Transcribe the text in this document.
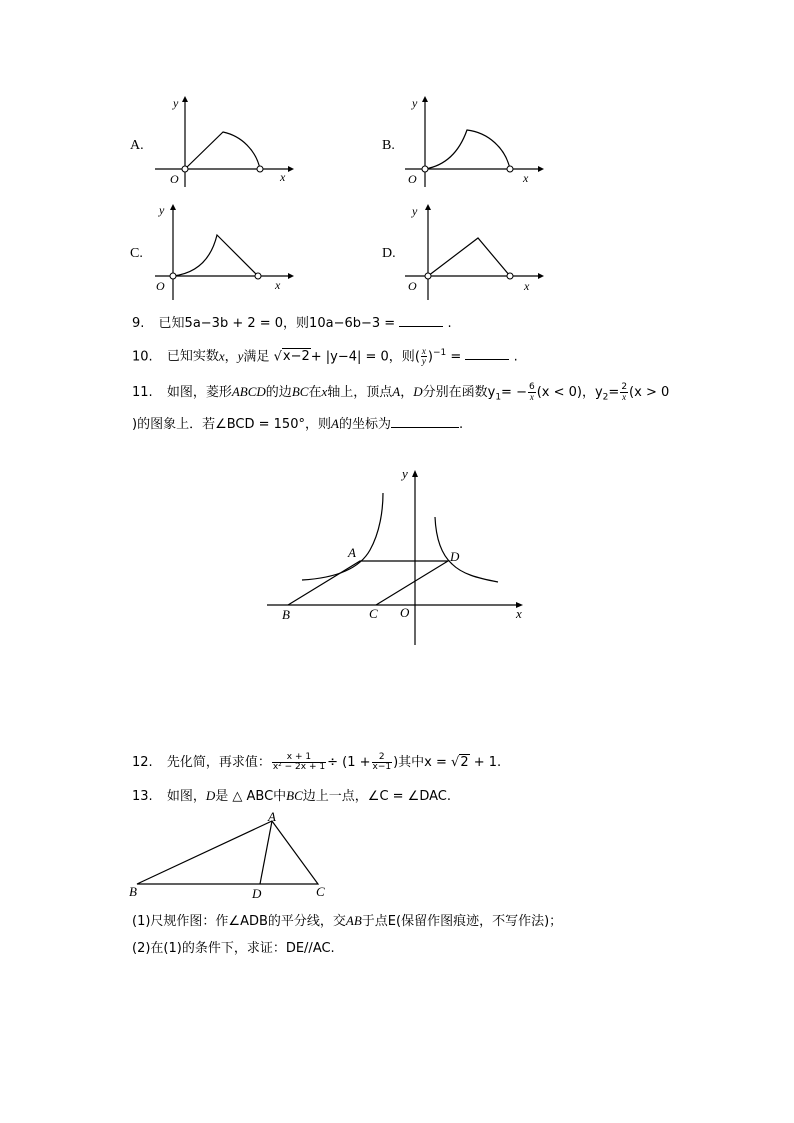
A.
y
O	x
B.
y
O	x
C.
y
O	x
D.
y
O	x
9. 已知5a−3b + 2 = 0，则10a−6b−3 =	.
10. 已知实数x，y满足 √x−2+ |y−4| = 0，则( $\frac{x}{y} )^{-1}$ =	.
11. 如图，菱形ABCD的边BC在x轴上，顶点A，D分别在函数$y_1= - \frac{6}{x} (x < 0)$，$y_2= \frac{2}{x} (x > 0$
)的图象上．若∠BCD = 150°，则A的坐标为	.
A	D
B	C O
y
x
12. 先化简，再求值： $\frac{x + 1}{\text{x² − 2x + 1}} \div (1 + \frac{2}{x-1}$ )其中x = √2 + 1.
13. 如图，D是 △ ABC中BC边上一点，∠C = ∠DAC.
A
B	D	C
(1)尺规作图：作∠ADB的平分线，交AB于点E(保留作图痕迹，不写作法)；
(2)在(1)的条件下，求证：DE//AC.
